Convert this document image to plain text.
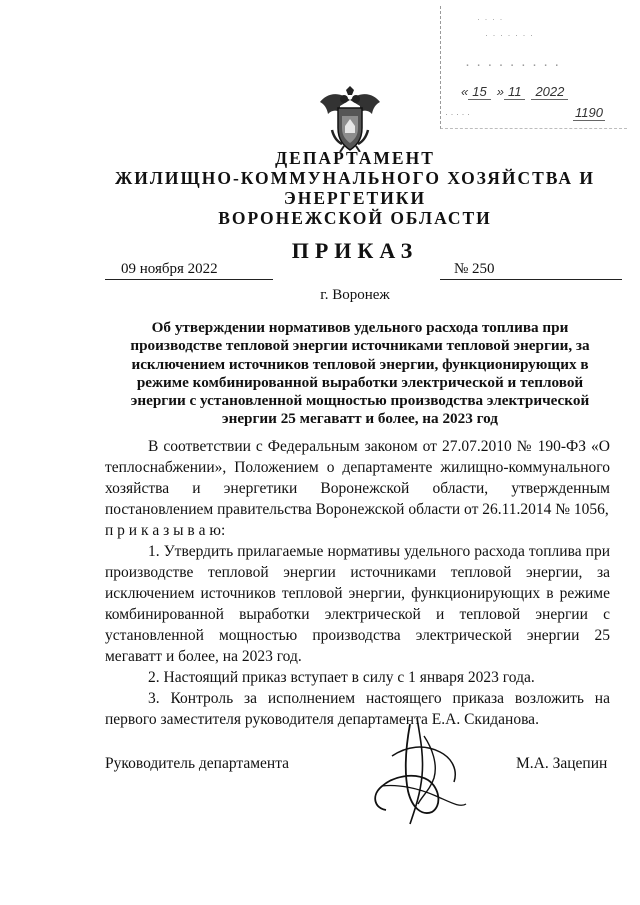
· · · ·
· · · · · · ·
· · · · · · · · ·
« 15 » 11 2022
· · · · ·	1190
ДЕПАРТАМЕНТ
ЖИЛИЩНО-КОММУНАЛЬНОГО ХОЗЯЙСТВА И
ЭНЕРГЕТИКИ
ВОРОНЕЖСКОЙ ОБЛАСТИ
ПРИКАЗ
09 ноября 2022	№ 250
г. Воронеж
Об утверждении нормативов удельного расхода топлива при производстве тепловой энергии источниками тепловой энергии, за исключением источников тепловой энергии, функционирующих в режиме комбинированной выработки электрической и тепловой энергии с установленной мощностью производства электрической энергии 25 мегаватт и более, на 2023 год

В соответствии с Федеральным законом от 27.07.2010 № 190-ФЗ «О теплоснабжении», Положением о департаменте жилищно-коммунального хозяйства и энергетики Воронежской области, утвержденным постановлением правительства Воронежской области от 26.11.2014 № 1056,

п р и к а з ы в а ю:

1. Утвердить прилагаемые нормативы удельного расхода топлива при производстве тепловой энергии источниками тепловой энергии, за исключением источников тепловой энергии, функционирующих в режиме комбинированной выработки электрической и тепловой энергии с установленной мощностью производства электрической энергии 25 мегаватт и более, на 2023 год.

2. Настоящий приказ вступает в силу с 1 января 2023 года.

3. Контроль за исполнением настоящего приказа возложить на первого заместителя руководителя департамента Е.А. Скиданова.

Руководитель департамента	М.А. Зацепин
